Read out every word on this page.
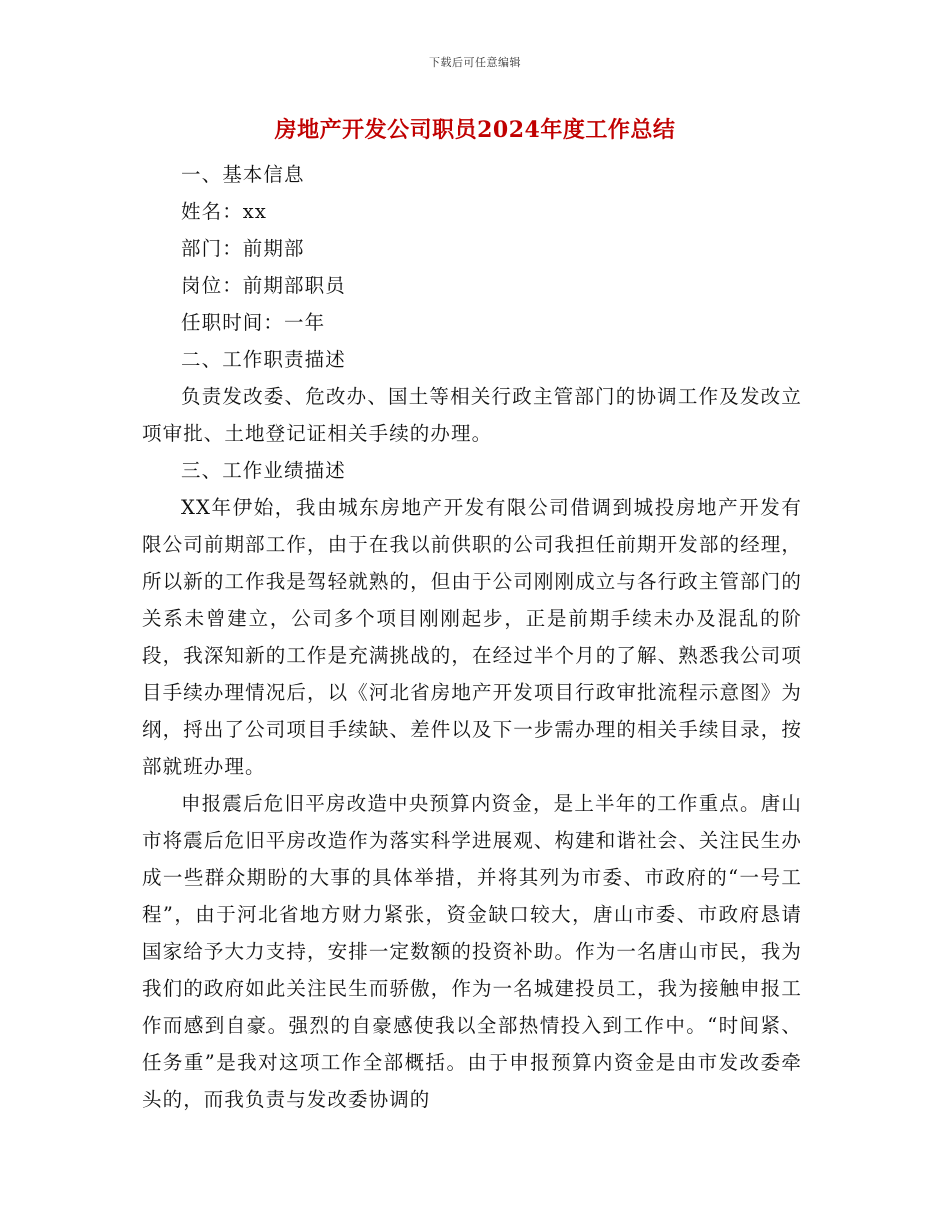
下载后可任意编辑
房地产开发公司职员2024年度工作总结

一、基本信息

姓名：xx

部门：前期部

岗位：前期部职员

任职时间：一年

二、工作职责描述

负责发改委、危改办、国土等相关行政主管部门的协调工作及发改立项审批、土地登记证相关手续的办理。

三、工作业绩描述

XX年伊始，我由城东房地产开发有限公司借调到城投房地产开发有限公司前期部工作，由于在我以前供职的公司我担任前期开发部的经理，所以新的工作我是驾轻就熟的，但由于公司刚刚成立与各行政主管部门的关系未曾建立，公司多个项目刚刚起步，正是前期手续未办及混乱的阶段，我深知新的工作是充满挑战的，在经过半个月的了解、熟悉我公司项目手续办理情况后，以《河北省房地产开发项目行政审批流程示意图》为纲，捋出了公司项目手续缺、差件以及下一步需办理的相关手续目录，按部就班办理。

申报震后危旧平房改造中央预算内资金，是上半年的工作重点。唐山市将震后危旧平房改造作为落实科学进展观、构建和谐社会、关注民生办成一些群众期盼的大事的具体举措，并将其列为市委、市政府的“一号工程”，由于河北省地方财力紧张，资金缺口较大，唐山市委、市政府恳请国家给予大力支持，安排一定数额的投资补助。作为一名唐山市民，我为我们的政府如此关注民生而骄傲，作为一名城建投员工，我为接触申报工作而感到自豪。强烈的自豪感使我以全部热情投入到工作中。“时间紧、任务重”是我对这项工作全部概括。由于申报预算内资金是由市发改委牵头的，而我负责与发改委协调的
